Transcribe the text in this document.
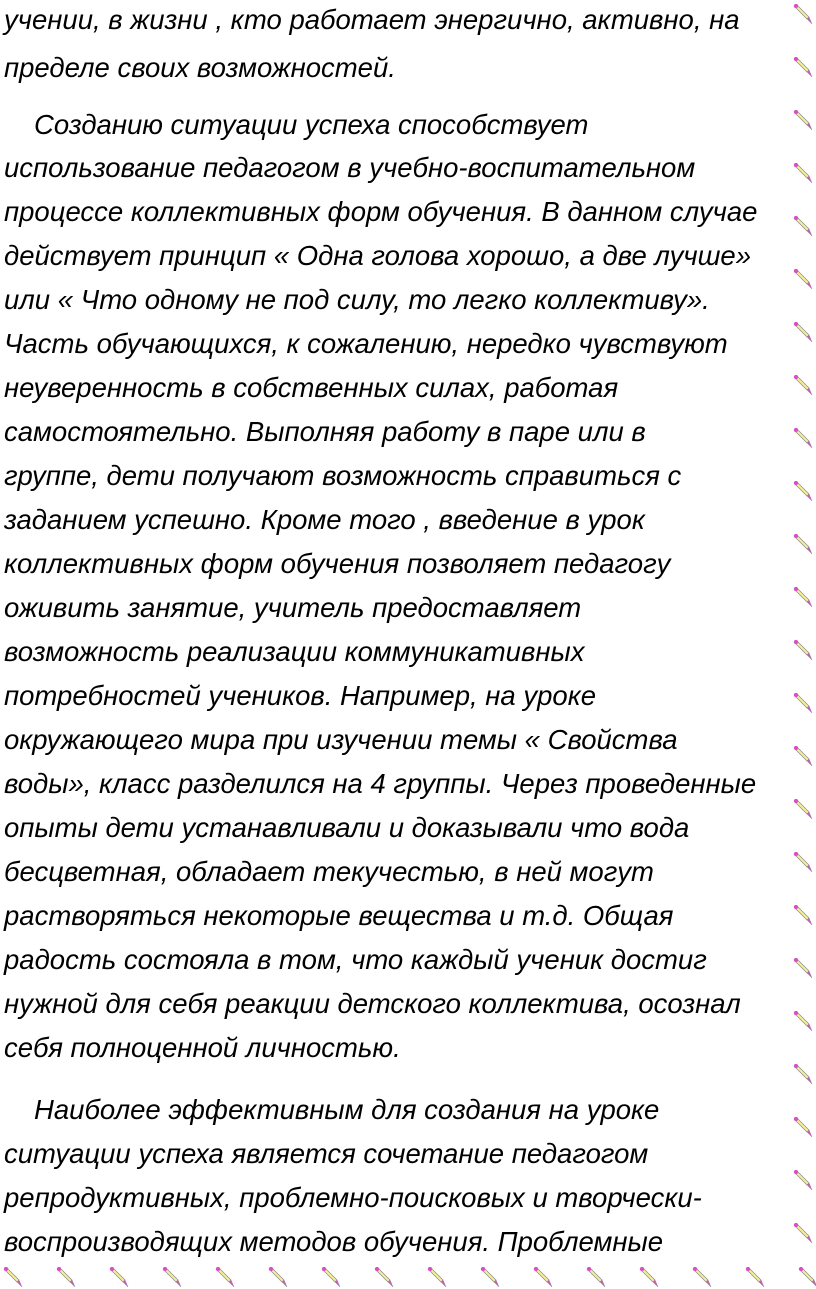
учении, в жизни , кто работает энергично, активно, на
пределе своих возможностей.
Созданию ситуации успеха способствует
использование педагогом в учебно-воспитательном
процессе коллективных форм обучения. В данном случае
действует принцип « Одна голова хорошо, а две лучше»
или « Что одному не под силу, то легко коллективу».
Часть обучающихся, к сожалению, нередко чувствуют
неуверенность в собственных силах, работая
самостоятельно. Выполняя работу в паре или в
группе, дети получают возможность справиться с
заданием успешно. Кроме того , введение в урок
коллективных форм обучения позволяет педагогу
оживить занятие, учитель предоставляет
возможность реализации коммуникативных
потребностей учеников. Например, на уроке
окружающего мира при изучении темы « Свойства
воды», класс разделился на 4 группы. Через проведенные
опыты дети устанавливали и доказывали что вода
бесцветная, обладает текучестью, в ней могут
растворяться некоторые вещества и т.д. Общая
радость состояла в том, что каждый ученик достиг
нужной для себя реакции детского коллектива, осознал
себя полноценной личностью.
Наиболее эффективным для создания на уроке
ситуации успеха является сочетание педагогом
репродуктивных, проблемно-поисковых и творчески-
воспроизводящих методов обучения. Проблемные
